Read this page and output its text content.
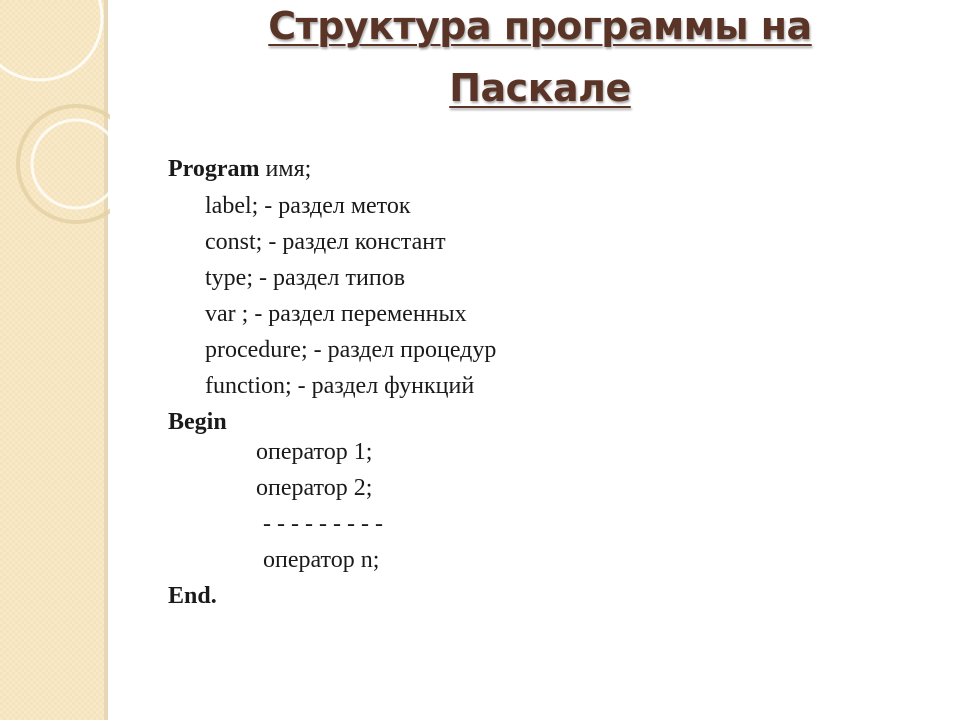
Структура программы на
Паскале
Program имя;
label; - раздел меток
const; - раздел констант
type; - раздел типов
var ; - раздел переменных
procedure; - раздел процедур
function; - раздел функций
Begin
оператор 1;
оператор 2;
- - - - - - - - -
оператор n;
End.
